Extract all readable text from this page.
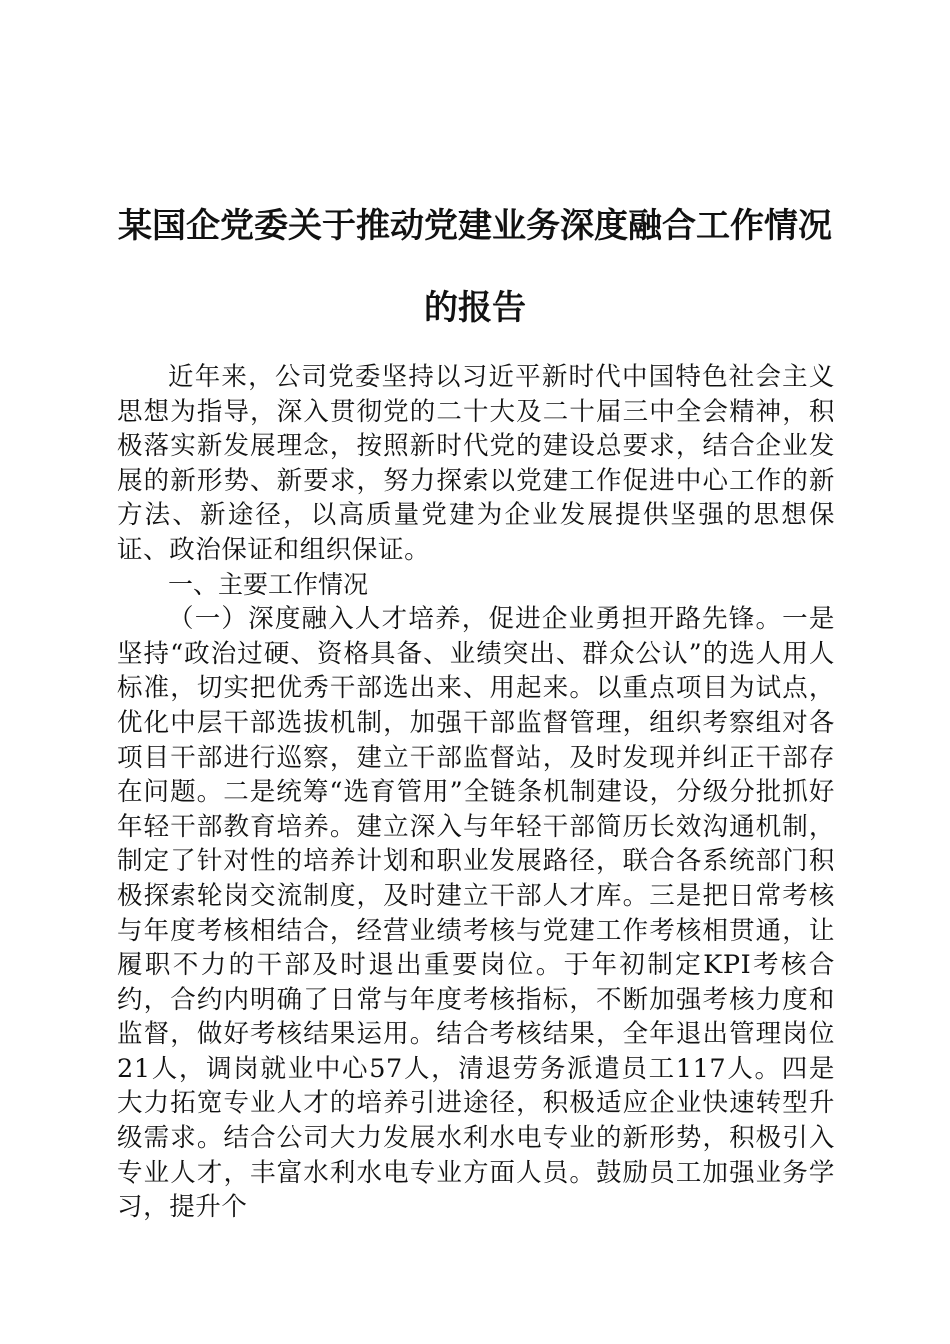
某国企党委关于推动党建业务深度融合工作情况的报告

近年来，公司党委坚持以习近平新时代中国特色社会主义思想为指导，深入贯彻党的二十大及二十届三中全会精神，积极落实新发展理念，按照新时代党的建设总要求，结合企业发展的新形势、新要求，努力探索以党建工作促进中心工作的新方法、新途径，以高质量党建为企业发展提供坚强的思想保证、政治保证和组织保证。

一、主要工作情况

（一）深度融入人才培养，促进企业勇担开路先锋。一是坚持“政治过硬、资格具备、业绩突出、群众公认”的选人用人标准，切实把优秀干部选出来、用起来。以重点项目为试点，优化中层干部选拔机制，加强干部监督管理，组织考察组对各项目干部进行巡察，建立干部监督站，及时发现并纠正干部存在问题。二是统筹“选育管用”全链条机制建设，分级分批抓好年轻干部教育培养。建立深入与年轻干部简历长效沟通机制，制定了针对性的培养计划和职业发展路径，联合各系统部门积极探索轮岗交流制度，及时建立干部人才库。三是把日常考核与年度考核相结合，经营业绩考核与党建工作考核相贯通，让履职不力的干部及时退出重要岗位。于年初制定KPI考核合约，合约内明确了日常与年度考核指标，不断加强考核力度和监督，做好考核结果运用。结合考核结果，全年退出管理岗位21人，调岗就业中心57人，清退劳务派遣员工117人。四是大力拓宽专业人才的培养引进途径，积极适应企业快速转型升级需求。结合公司大力发展水利水电专业的新形势，积极引入专业人才，丰富水利水电专业方面人员。鼓励员工加强业务学习，提升个
